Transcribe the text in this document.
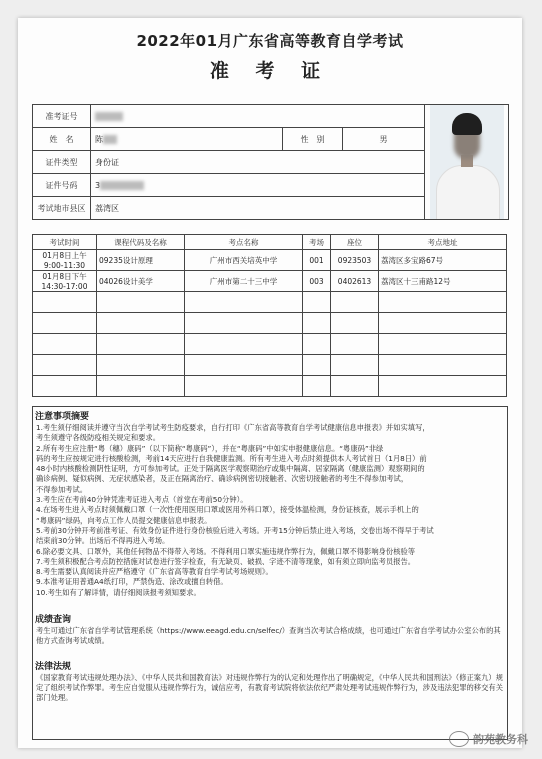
2022年01月广东省高等教育自学考试
准 考 证
准考证号				

姓　名	陈	性　别	男	
证件类型	身份证			
证件号码	3			
考试地市县区	荔湾区			
考试时间	课程代码及名称	考点名称	考场	座位	考点地址
01月8日上午 9:00-11:30	09235设计原理	广州市西关培英中学	001	0923503	荔湾区多宝路67号
01月8日下午 14:30-17:00	04026设计美学	广州市第二十三中学	003	0402613	荔湾区十三甫路12号

注意事项摘要
1.考生须仔细阅读并遵守当次自学考试考生防疫要求，自行打印《广东省高等教育自学考试健康信息申报表》并如实填写，
考生须遵守各级防疫相关规定和要求。
2.所有考生应注册“粤（穗）康码”（以下简称“粤康码”），并在“粤康码”中如实申报健康信息。“粤康码”非绿
码的考生应按规定进行核酸检测，考前14天应进行自我健康监测。所有考生进入考点时须提供本人考试首日（1月8日）前
48小时内核酸检测阴性证明，方可参加考试。正处于隔离医学观察期治疗或集中隔离、居家隔离（健康监测）观察期间的
确诊病例、疑似病例、无症状感染者，及正在隔离治疗、确诊病例密切接触者、次密切接触者的考生不得参加考试，
不得参加考试。
3.考生应在考前40分钟凭准考证进入考点（首堂在考前50分钟）。
4.在场考生进入考点时须佩戴口罩（一次性使用医用口罩或医用外科口罩），接受体温检测，身份证核查，展示手机上的
“粤康码”绿码，向考点工作人员提交健康信息申报表。
5.考前30分钟开考前准考证、有效身份证件进行身份核验后进入考场。开考15分钟后禁止进入考场，交卷出场不得早于考试
结束前30分钟。出场后不得再进入考场。
6.除必要文具、口罩外，其他任何物品不得带入考场。不得利用口罩实施违规作弊行为，佩戴口罩不得影响身份核验等
7.考生须积极配合考点防控措施对试卷进行签字检查，有无缺页、破损、字迹不清等现象，如有须立即向监考员报告。
8.考生需要认真阅读并应严格遵守《广东省高等教育自学考试考场规则》。
9.本准考证用普通A4纸打印，严禁伪造、涂改或擅自转借。
10.考生如有了解详情，请仔细阅读报考须知要求。
成绩查询
考生可通过广东省自学考试管理系统（https://www.eeagd.edu.cn/selfec/）查询当次考试合格成绩，也可通过广东省自学考试办公室公布的其他方式查询考试成绩。
法律法规
《国家教育考试违规处理办法》、《中华人民共和国教育法》对违规作弊行为的认定和处理作出了明确规定，《中华人民共和国刑法》（修正案九）规定了组织考试作弊罪。考生应自觉服从违规作弊行为，诚信应考，有教育考试院将依法依纪严肃处理考试违规作弊行为，涉及违法犯罪的移交有关部门处理。
韵苑教务科
